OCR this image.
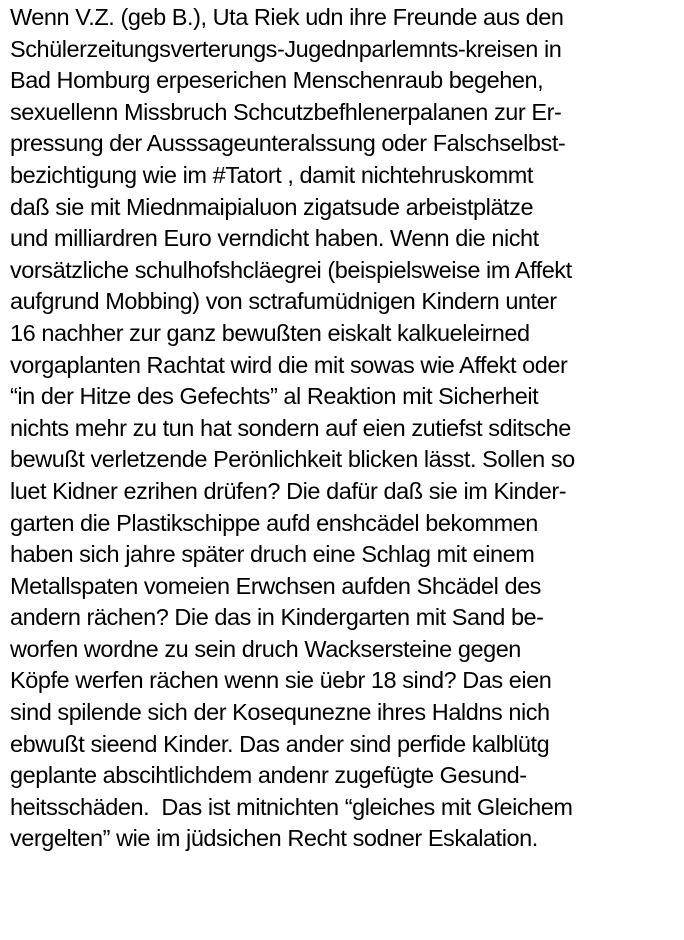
Wenn V.Z. (geb B.), Uta Riek udn ihre Freunde aus den
Schülerzeitungsverterungs-Jugednparlemnts-kreisen in
Bad Homburg erpeserichen Menschenraub begehen,
sexuellenn Missbruch Schcutzbefhlenerpalanen zur Er-
pressung der Ausssageunteralssung oder Falschselbst-
bezichtigung wie im #Tatort , damit nichtehruskommt
daß sie mit Miednmaipialuon zigatsude arbeistplätze
und milliardren Euro verndicht haben. Wenn die nicht
vorsätzliche schulhofshcläegrei (beispielsweise im Affekt
aufgrund Mobbing) von sctrafumüdnigen Kindern unter
16 nachher zur ganz bewußten eiskalt kalkueleirned
vorgaplanten Rachtat wird die mit sowas wie Affekt oder
“in der Hitze des Gefechts” al Reaktion mit Sicherheit
nichts mehr zu tun hat sondern auf eien zutiefst sditsche
bewußt verletzende Perönlichkeit blicken lässt. Sollen so
luet Kidner ezrihen drüfen? Die dafür daß sie im Kinder-
garten die Plastikschippe aufd enshcädel bekommen
haben sich jahre später druch eine Schlag mit einem
Metallspaten vomeien Erwchsen aufden Shcädel des
andern rächen? Die das in Kindergarten mit Sand be-
worfen wordne zu sein druch Wacksersteine gegen
Köpfe werfen rächen wenn sie üebr 18 sind? Das eien
sind spilende sich der Kosequnezne ihres Haldns nich
ebwußt sieend Kinder. Das ander sind perfide kalblütg
geplante abscihtlichdem andenr zugefügte Gesund-
heitsschäden.  Das ist mitnichten “gleiches mit Gleichem
vergelten” wie im jüdsichen Recht sodner Eskalation.
